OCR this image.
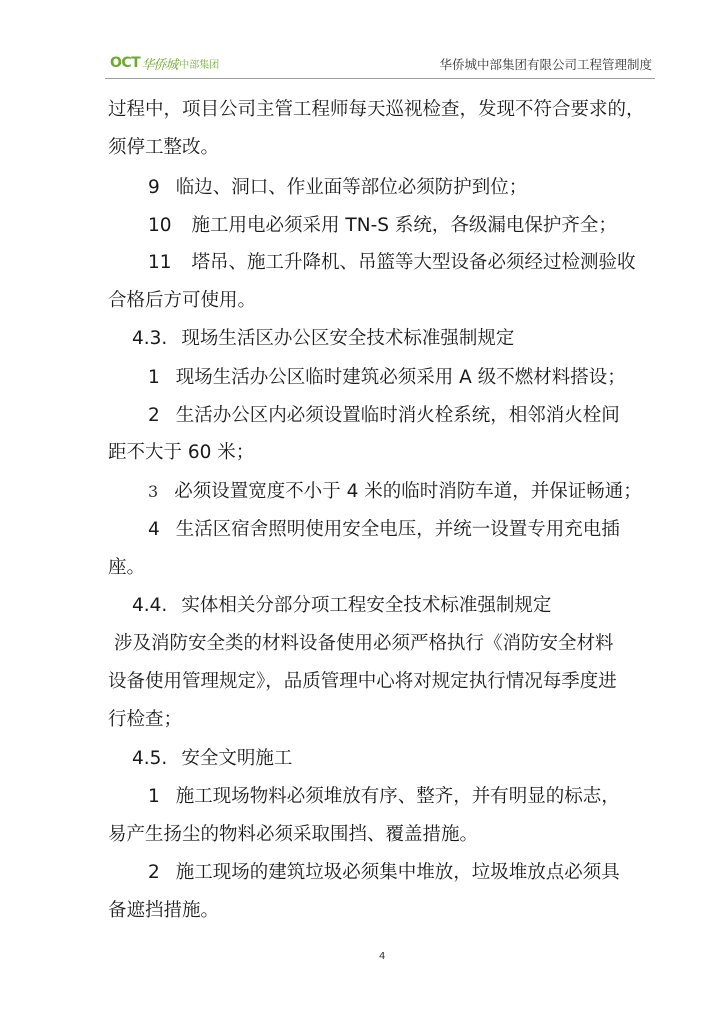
OCT 华侨城 中部集团	华侨城中部集团有限公司工程管理制度
过程中，项目公司主管工程师每天巡视检查，发现不符合要求的，
须停工整改。
9 临边、洞口、作业面等部位必须防护到位；
10 施工用电必须采用 TN-S 系统，各级漏电保护齐全；
11 塔吊、施工升降机、吊篮等大型设备必须经过检测验收
合格后方可使用。
4.3. 现场生活区办公区安全技术标准强制规定
1 现场生活办公区临时建筑必须采用 A 级不燃材料搭设；
2 生活办公区内必须设置临时消火栓系统，相邻消火栓间
距不大于 60 米；
3 必须设置宽度不小于 4 米的临时消防车道，并保证畅通；
4 生活区宿舍照明使用安全电压，并统一设置专用充电插
座。
4.4. 实体相关分部分项工程安全技术标准强制规定
涉及消防安全类的材料设备使用必须严格执行《消防安全材料
设备使用管理规定》，品质管理中心将对规定执行情况每季度进
行检查；
4.5. 安全文明施工
1 施工现场物料必须堆放有序、整齐，并有明显的标志，
易产生扬尘的物料必须采取围挡、覆盖措施。
2 施工现场的建筑垃圾必须集中堆放，垃圾堆放点必须具
备遮挡措施。
4
